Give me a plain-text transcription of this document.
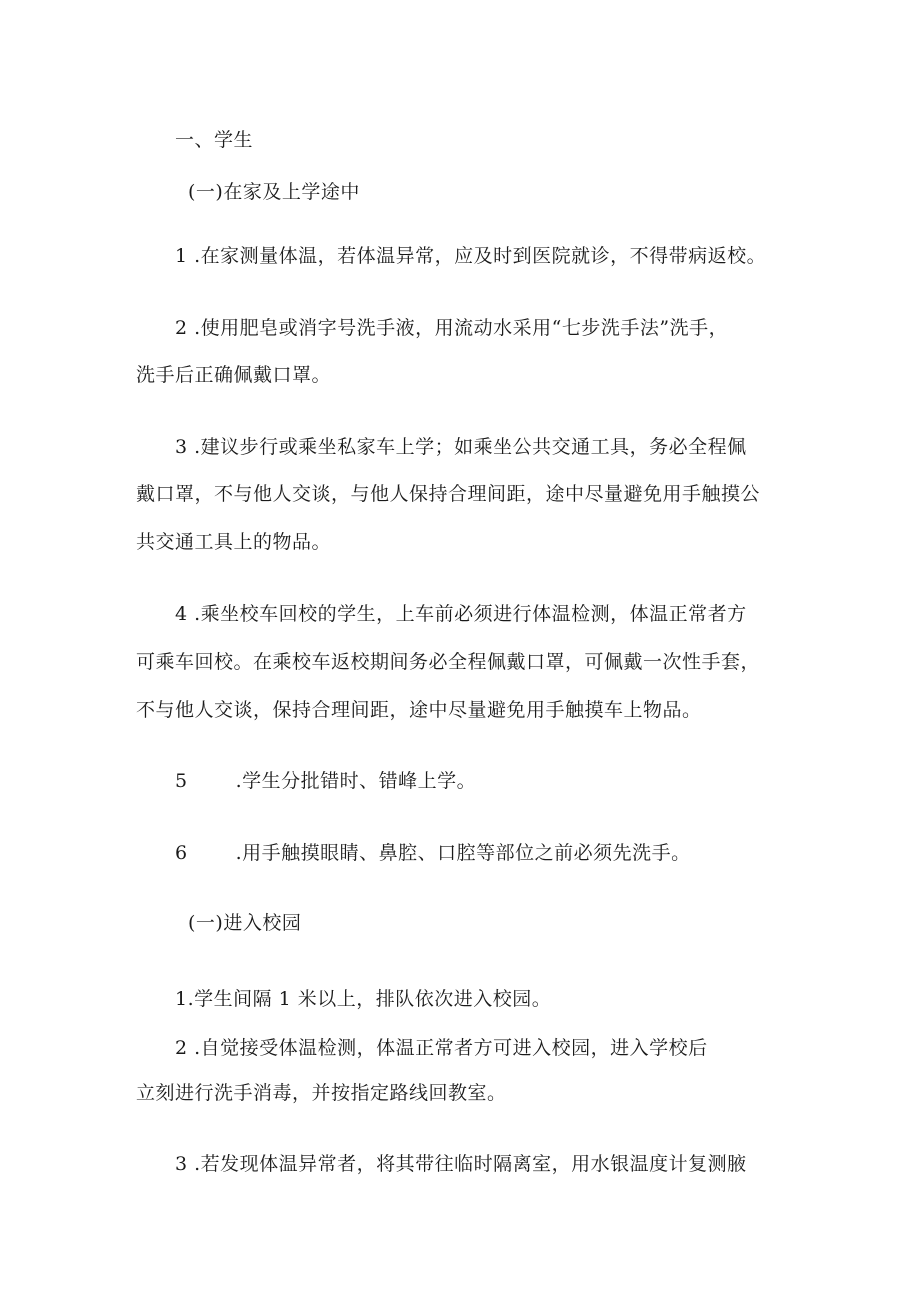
一、学生
(一)在家及上学途中
1 .在家测量体温，若体温异常，应及时到医院就诊，不得带病返校。
2 .使用肥皂或消字号洗手液，用流动水采用“七步洗手法”洗手，
洗手后正确佩戴口罩。
3 .建议步行或乘坐私家车上学；如乘坐公共交通工具，务必全程佩
戴口罩，不与他人交谈，与他人保持合理间距，途中尽量避免用手触摸公
共交通工具上的物品。
4 .乘坐校车回校的学生，上车前必须进行体温检测，体温正常者方
可乘车回校。在乘校车返校期间务必全程佩戴口罩，可佩戴一次性手套，
不与他人交谈，保持合理间距，途中尽量避免用手触摸车上物品。
5	.学生分批错时、错峰上学。
6	.用手触摸眼睛、鼻腔、口腔等部位之前必须先洗手。
(一)进入校园
1.学生间隔 1 米以上，排队依次进入校园。
2 .自觉接受体温检测，体温正常者方可进入校园，进入学校后
立刻进行洗手消毒，并按指定路线回教室。
3 .若发现体温异常者，将其带往临时隔离室，用水银温度计复测腋
